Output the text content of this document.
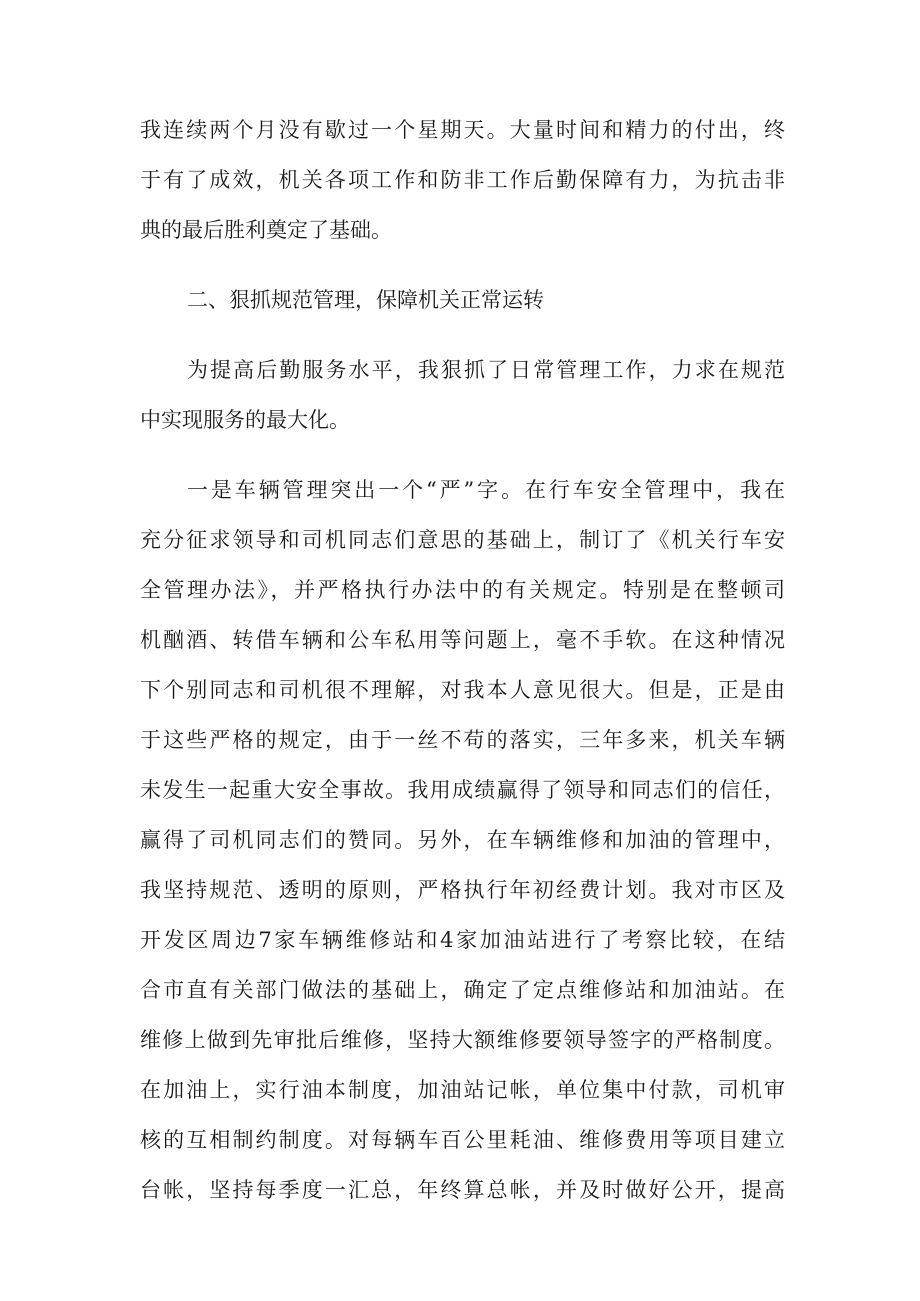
我连续两个月没有歇过一个星期天。大量时间和精力的付出，终
于有了成效，机关各项工作和防非工作后勤保障有力，为抗击非
典的最后胜利奠定了基础。
二、狠抓规范管理，保障机关正常运转
为提高后勤服务水平，我狠抓了日常管理工作，力求在规范
中实现服务的最大化。
一是车辆管理突出一个“严”字。在行车安全管理中，我在
充分征求领导和司机同志们意思的基础上，制订了《机关行车安
全管理办法》，并严格执行办法中的有关规定。特别是在整顿司
机酗酒、转借车辆和公车私用等问题上，毫不手软。在这种情况
下个别同志和司机很不理解，对我本人意见很大。但是，正是由
于这些严格的规定，由于一丝不苟的落实，三年多来，机关车辆
未发生一起重大安全事故。我用成绩赢得了领导和同志们的信任，
赢得了司机同志们的赞同。另外，在车辆维修和加油的管理中，
我坚持规范、透明的原则，严格执行年初经费计划。我对市区及
开发区周边7家车辆维修站和4家加油站进行了考察比较，在结
合市直有关部门做法的基础上，确定了定点维修站和加油站。在
维修上做到先审批后维修，坚持大额维修要领导签字的严格制度。
在加油上，实行油本制度，加油站记帐，单位集中付款，司机审
核的互相制约制度。对每辆车百公里耗油、维修费用等项目建立
台帐，坚持每季度一汇总，年终算总帐，并及时做好公开，提高
